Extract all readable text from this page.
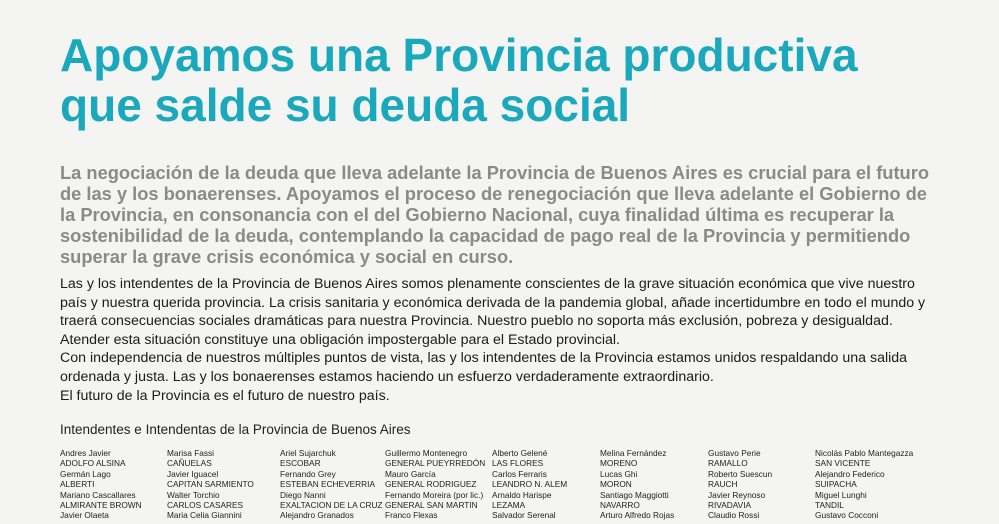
Apoyamos una Provincia productiva
que salde su deuda social

La negociación de la deuda que lleva adelante la Provincia de Buenos Aires es crucial para el futuro de las y los bonaerenses. Apoyamos el proceso de renegociación que lleva adelante el Gobierno de la Provincia, en consonancia con el del Gobierno Nacional, cuya finalidad última es recuperar la sostenibilidad de la deuda, contemplando la capacidad de pago real de la Provincia y permitiendo superar la grave crisis económica y social en curso.

Las y los intendentes de la Provincia de Buenos Aires somos plenamente conscientes de la grave situación económica que vive nuestro país y nuestra querida provincia. La crisis sanitaria y económica derivada de la pandemia global, añade incertidumbre en todo el mundo y traerá consecuencias sociales dramáticas para nuestra Provincia. Nuestro pueblo no soporta más exclusión, pobreza y desigualdad. Atender esta situación constituye una obligación impostergable para el Estado provincial.
Con independencia de nuestros múltiples puntos de vista, las y los intendentes de la Provincia estamos unidos respaldando una salida ordenada y justa. Las y los bonaerenses estamos haciendo un esfuerzo verdaderamente extraordinario.
El futuro de la Provincia es el futuro de nuestro país.

Intendentes e Intendentas de la Provincia de Buenos Aires

Andres Javier
ADOLFO ALSINA
Germán Lago
ALBERTI
Mariano Cascallares
ALMIRANTE BROWN
Javier Olaeta
Marisa Fassi
CAÑUELAS
Javier Iguacel
CAPITAN SARMIENTO
Walter Torchio
CARLOS CASARES
Maria Celia Giannini
Ariel Sujarchuk
ESCOBAR
Fernando Grey
ESTEBAN ECHEVERRIA
Diego Nanni
EXALTACION DE LA CRUZ
Alejandro Granados
Guillermo Montenegro
GENERAL PUEYRREDÓN
Mauro García
GENERAL RODRIGUEZ
Fernando Moreira (por lic.)
GENERAL SAN MARTIN
Franco Flexas
Alberto Gelené
LAS FLORES
Carlos Ferraris
LEANDRO N. ALEM
Arnaldo Harispe
LEZAMA
Salvador Serenal
Melina Fernández
MORENO
Lucas Ghi
MORON
Santiago Maggiotti
NAVARRO
Arturo Alfredo Rojas
Gustavo Perie
RAMALLO
Roberto Suescun
RAUCH
Javier Reynoso
RIVADAVIA
Claudio Rossi
Nicolás Pablo Mantegazza
SAN VICENTE
Alejandro Federico
SUIPACHA
Miguel Lunghi
TANDIL
Gustavo Cocconi
